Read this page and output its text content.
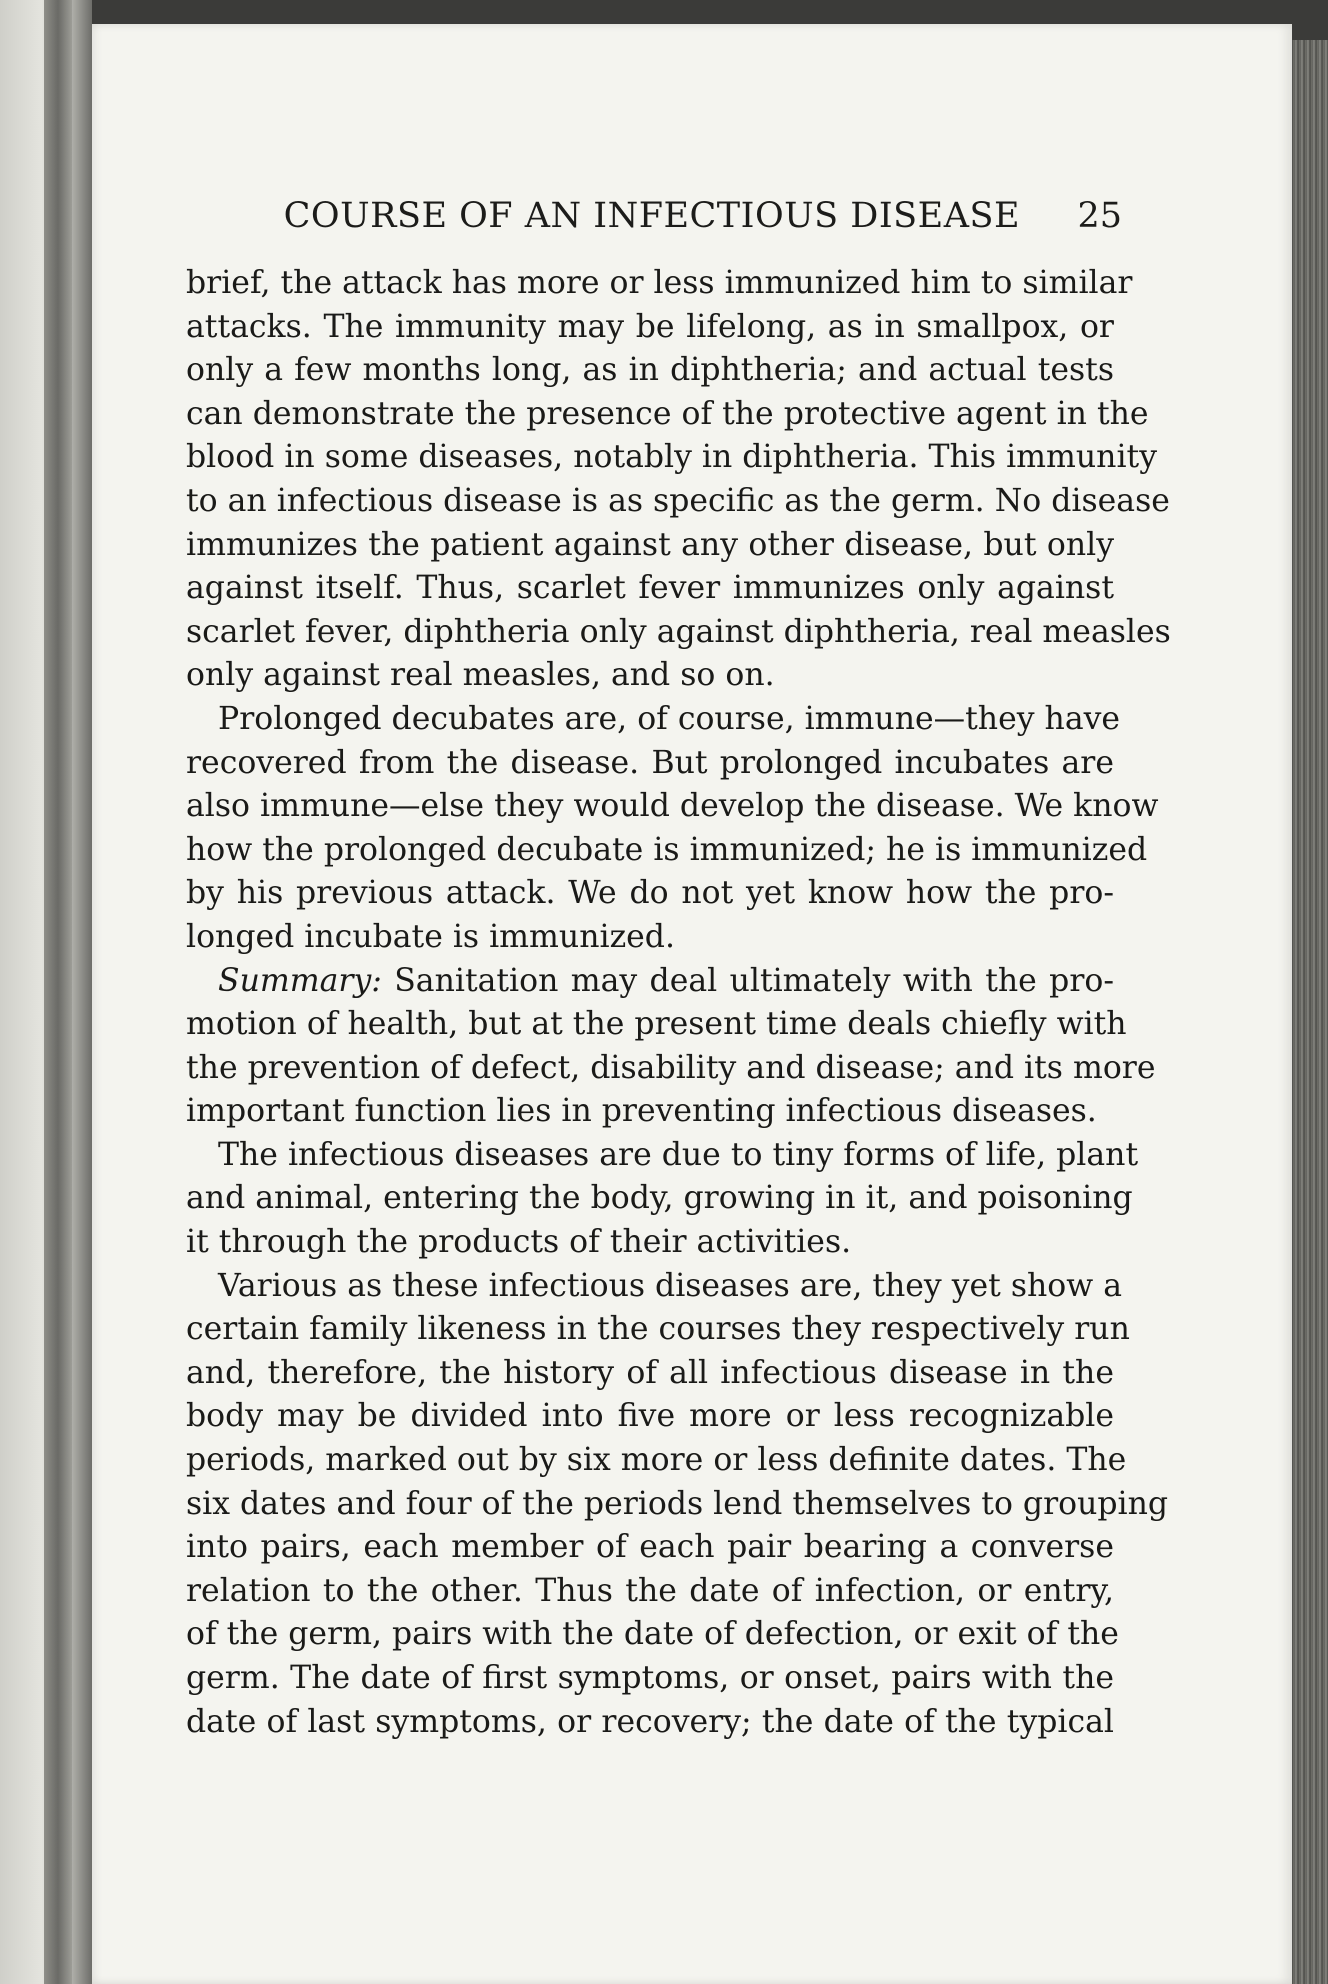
COURSE OF AN INFECTIOUS DISEASE 25
brief, the attack has more or less immunized him to similar
attacks. The immunity may be lifelong, as in smallpox, or
only a few months long, as in diphtheria; and actual tests
can demonstrate the presence of the protective agent in the
blood in some diseases, notably in diphtheria. This immunity
to an infectious disease is as specific as the germ. No disease
immunizes the patient against any other disease, but only
against itself. Thus, scarlet fever immunizes only against
scarlet fever, diphtheria only against diphtheria, real measles
only against real measles, and so on.
Prolonged decubates are, of course, immune—they have
recovered from the disease. But prolonged incubates are
also immune—else they would develop the disease. We know
how the prolonged decubate is immunized; he is immunized
by his previous attack. We do not yet know how the pro-
longed incubate is immunized.
Summary: Sanitation may deal ultimately with the pro-
motion of health, but at the present time deals chiefly with
the prevention of defect, disability and disease; and its more
important function lies in preventing infectious diseases.
The infectious diseases are due to tiny forms of life, plant
and animal, entering the body, growing in it, and poisoning
it through the products of their activities.
Various as these infectious diseases are, they yet show a
certain family likeness in the courses they respectively run
and, therefore, the history of all infectious disease in the
body may be divided into five more or less recognizable
periods, marked out by six more or less definite dates. The
six dates and four of the periods lend themselves to grouping
into pairs, each member of each pair bearing a converse
relation to the other. Thus the date of infection, or entry,
of the germ, pairs with the date of defection, or exit of the
germ. The date of first symptoms, or onset, pairs with the
date of last symptoms, or recovery; the date of the typical
